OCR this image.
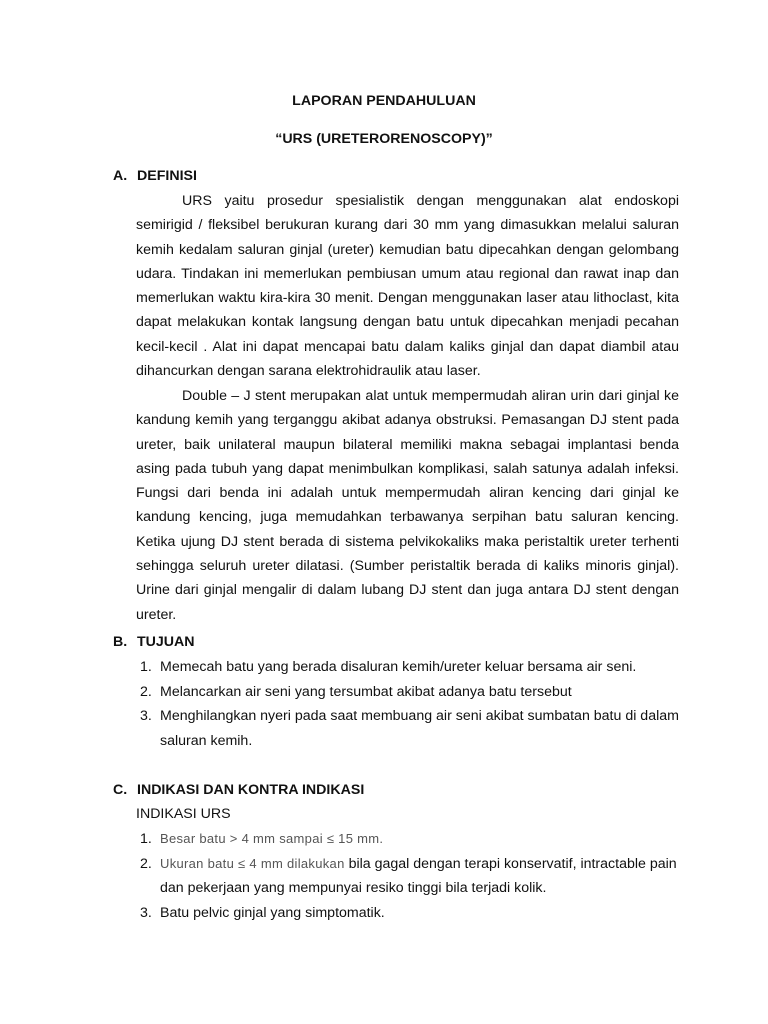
LAPORAN PENDAHULUAN
“URS (URETERORENOSCOPY)”
A. DEFINISI

URS yaitu prosedur spesialistik dengan menggunakan alat endoskopi semirigid / fleksibel berukuran kurang dari 30 mm yang dimasukkan melalui saluran kemih kedalam saluran ginjal (ureter) kemudian batu dipecahkan dengan gelombang udara. Tindakan ini memerlukan pembiusan umum atau regional dan rawat inap dan memerlukan waktu kira-kira 30 menit. Dengan menggunakan laser atau lithoclast, kita dapat melakukan kontak langsung dengan batu untuk dipecahkan menjadi pecahan kecil-kecil . Alat ini dapat mencapai batu dalam kaliks ginjal dan dapat diambil atau dihancurkan dengan sarana elektrohidraulik atau laser.

Double – J stent merupakan alat untuk mempermudah aliran urin dari ginjal ke kandung kemih yang terganggu akibat adanya obstruksi. Pemasangan DJ stent pada ureter, baik unilateral maupun bilateral memiliki makna sebagai implantasi benda asing pada tubuh yang dapat menimbulkan komplikasi, salah satunya adalah infeksi. Fungsi dari benda ini adalah untuk mempermudah aliran kencing dari ginjal ke kandung kencing, juga memudahkan terbawanya serpihan batu saluran kencing. Ketika ujung DJ stent berada di sistema pelvikokaliks maka peristaltik ureter terhenti sehingga seluruh ureter dilatasi. (Sumber peristaltik berada di kaliks minoris ginjal). Urine dari ginjal mengalir di dalam lubang DJ stent dan juga antara DJ stent dengan ureter.

B. TUJUAN
1. Memecah batu yang berada disaluran kemih/ureter keluar bersama air seni.
2. Melancarkan air seni yang tersumbat akibat adanya batu tersebut
3. Menghilangkan nyeri pada saat membuang air seni akibat sumbatan batu di dalam saluran kemih.
C. INDIKASI DAN KONTRA INDIKASI
INDIKASI URS
1. Besar batu > 4 mm sampai ≤ 15 mm.
2. Ukuran batu ≤ 4 mm dilakukan bila gagal dengan terapi konservatif, intractable pain dan pekerjaan yang mempunyai resiko tinggi bila terjadi kolik.
3. Batu pelvic ginjal yang simptomatik.
